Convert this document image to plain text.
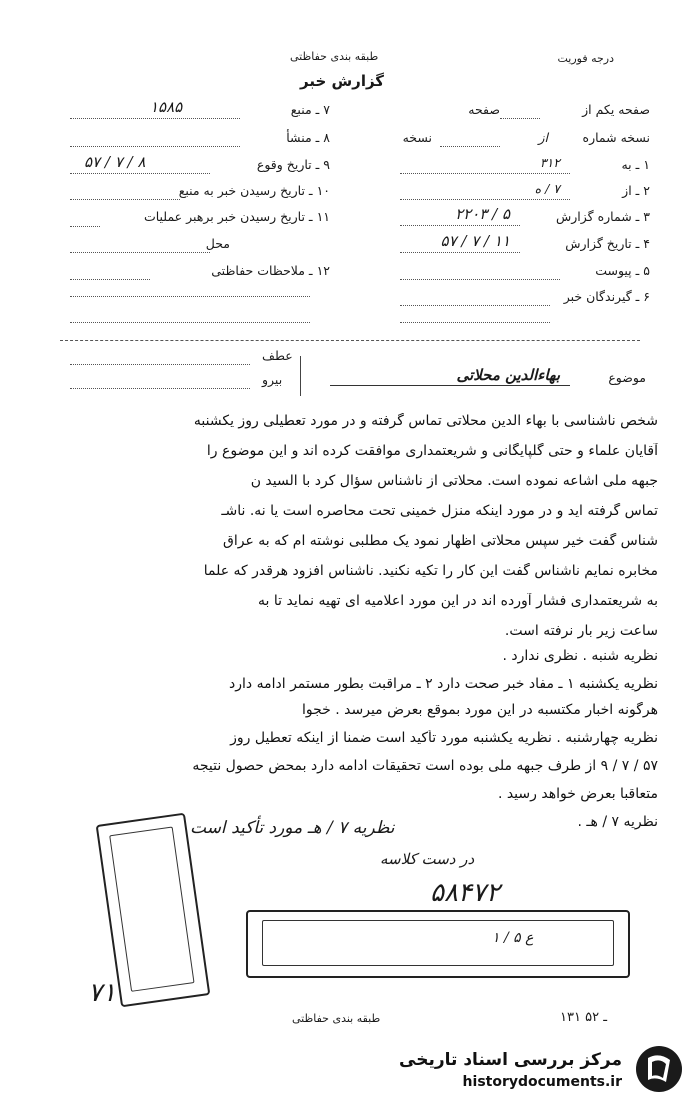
درجه فوریت
طبقه بندی حفاظتی
گزارش خبر
صفحه یکم از
صفحه
نسخه شماره
از
نسخه
۱ ـ به
۳۱۲
۲ ـ از
۷ / ه
۳ ـ شماره گزارش
۲۲۰۳ / ۵
۴ ـ تاریخ گزارش
۵۷ / ۷ / ۱۱
۵ ـ پیوست
۶ ـ گیرندگان خبر
۷ ـ منبع
۱۵۸۵
۸ ـ منشأ
۹ ـ تاریخ وقوع
۵۷ / ۷ / ۸
۱۰ ـ تاریخ رسیدن خبر به منبع
۱۱ ـ تاریخ رسیدن خبر برهبر عملیات
محل
۱۲ ـ ملاحظات حفاظتی
عطف
بیرو	موضوع
بهاءالدین محلاتی
شخص ناشناسی با بهاء الدین محلاتی تماس گرفته و در مورد تعطیلی روز یکشنبه
آقایان علماء و حتی گلپایگانی و شریعتمداری موافقت کرده اند و این موضوع را
جبهه ملی اشاعه نموده است. محلاتی از ناشناس سؤال کرد با السید ن
تماس گرفته اید و در مورد اینکه منزل خمینی تحت محاصره است یا نه. ناشـ
شناس گفت خیر سپس محلاتی اظهار نمود یک مطلبی نوشته ام که به عراق
مخابره نمایم ناشناس گفت این کار را تکیه نکنید. ناشناس افزود هرقدر که علما
به شریعتمداری فشار آورده اند در این مورد اعلامیه ای تهیه نماید تا به
ساعت زیر بار نرفته است.
نظریه شنبه . نظری ندارد .
نظریه یکشنبه ۱ ـ مفاد خبر صحت دارد ۲ ـ مراقبت بطور مستمر ادامه دارد
هرگونه اخبار مکتسبه در این مورد بموقع بعرض میرسد . خجوا
نظریه چهارشنبه . نظریه یکشنبه مورد تأکید است ضمنا از اینکه تعطیل روز
۵۷ / ۷ / ۹ از طرف جبهه ملی بوده است تحقیقات ادامه دارد بمحض حصول نتیجه
متعاقبا بعرض خواهد رسید .
نظریه ۷ / هـ .
نظریه ۷ / هـ مورد تأکید است
در دست کلاسه
۵۸۴۷۲
ع ۵ / ۱
۷۱
۱۳۱ ـ ۵۲
طبقه بندی حفاظتی
مرکز بررسی اسناد تاریخی
historydocuments.ir
